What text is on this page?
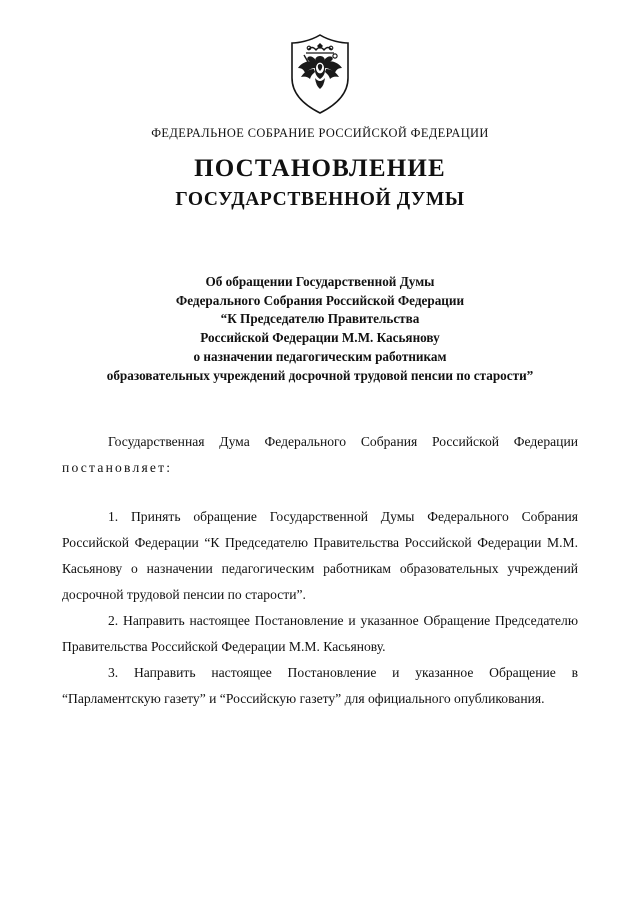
ФЕДЕРАЛЬНОЕ СОБРАНИЕ РОССИЙСКОЙ ФЕДЕРАЦИИ
ПОСТАНОВЛЕНИЕ
ГОСУДАРСТВЕННОЙ ДУМЫ
Об обращении Государственной Думы
Федерального Собрания Российской Федерации
“К Председателю Правительства
Российской Федерации М.М. Касьянову
о назначении педагогическим работникам
образовательных учреждений досрочной трудовой пенсии по старости”

Государственная Дума Федерального Собрания Российской Федерации постановляет:

1. Принять обращение Государственной Думы Федерального Собрания Российской Федерации “К Председателю Правительства Российской Федерации М.М. Касьянову о назначении педагогическим работникам образовательных учреждений досрочной трудовой пенсии по старости”.

2. Направить настоящее Постановление и указанное Обращение Председателю Правительства Российской Федерации М.М. Касьянову.

3. Направить настоящее Постановление и указанное Обращение в “Парламентскую газету” и “Российскую газету” для официального опубликования.
